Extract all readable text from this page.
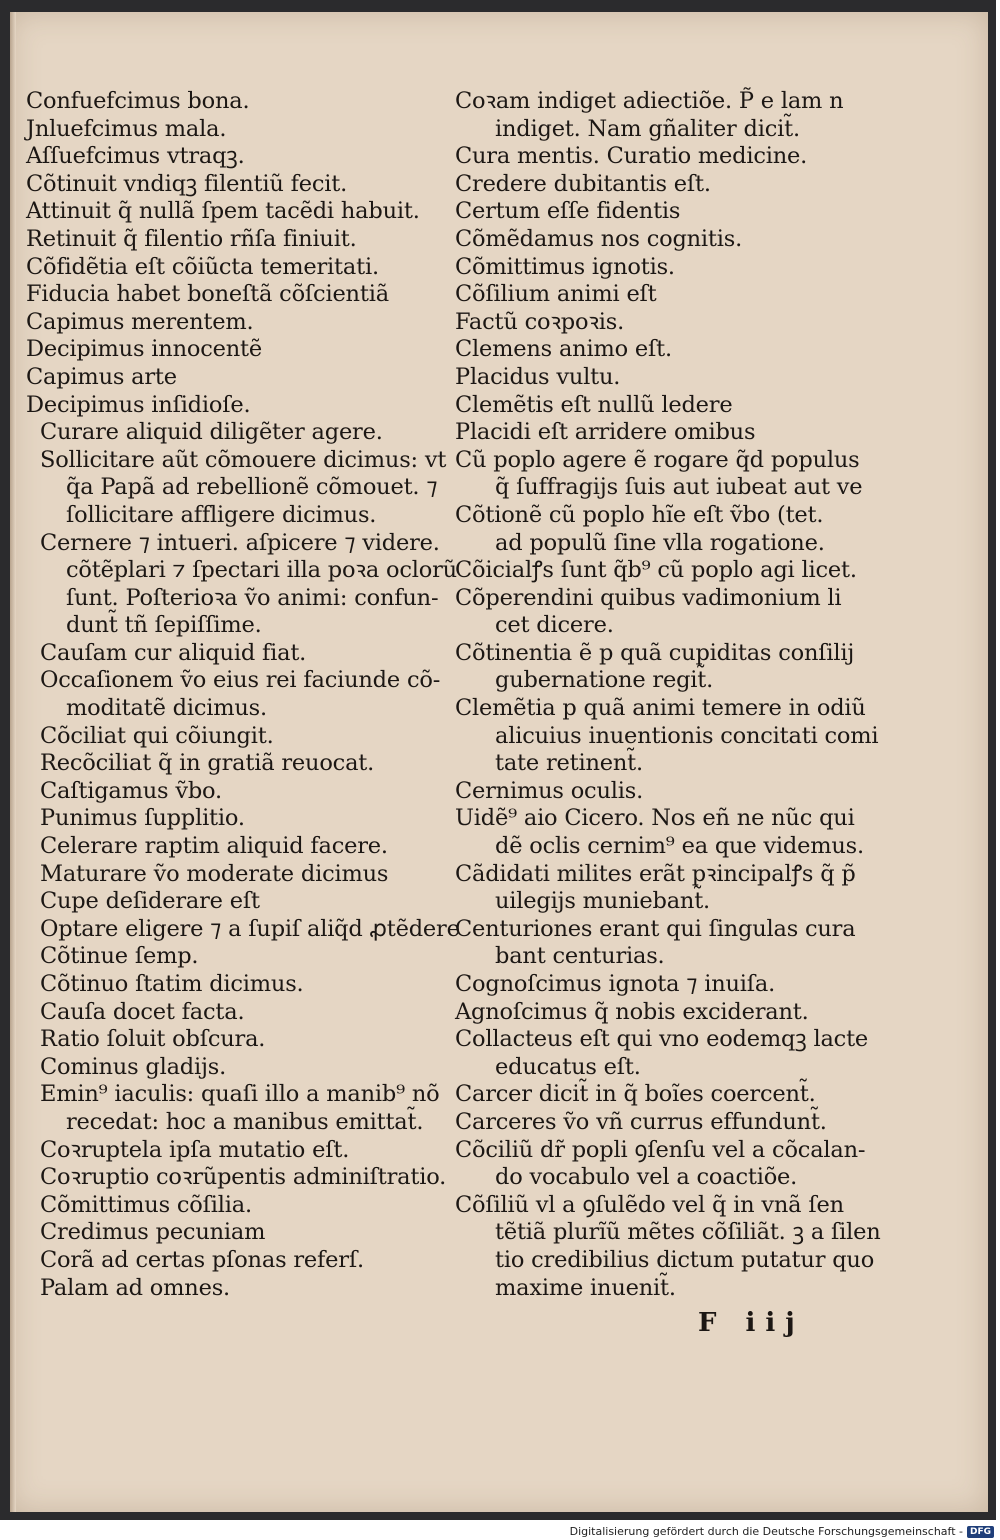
Confuefcimus bona.
Jnluefcimus mala.
Aſſuefcimus vtraqꝫ.
Cõtinuit vndiqꝫ filentiũ fecit.
Attinuit q̃ nullã ſpem tacẽdi habuit.
Retinuit q̃ filentio rñſa finiuit.
Cõfidẽtia eſt cõiũcta temeritati.
Fiducia habet boneſtã cõſcientiã
Capimus merentem.
Decipimus innocentẽ
Capimus arte
Decipimus inſidioſe.
Curare aliquid diligẽter agere.
Sollicitare aũt cõmouere dicimus: vt
q̃a Papã ad rebellionẽ cõmouet. ⁊
ſollicitare affligere dicimus.
Cernere ⁊ intueri. aſpicere ⁊ videre.
cõtẽplari ⁊ ſpectari illa poꝛa oclorũ
ſunt. Poſterioꝛa ṽo animi: confun-
dunt̃ tñ ſepiſſime.
Cauſam cur aliquid fiat.
Occaſionem ṽo eius rei faciunde cõ-
moditatẽ dicimus.
Cõciliat qui cõiungit.
Recõciliat q̃ in gratiã reuocat.
Caſtigamus ṽbo.
Punimus ſupplitio.
Celerare raptim aliquid facere.
Maturare ṽo moderate dicimus
Cupe deſiderare eſt
Optare eligere ⁊ a ſupiſ aliq̃d ꝓtẽdere
Cõtinue ſemp.
Cõtinuo ſtatim dicimus.
Cauſa docet facta.
Ratio ſoluit obſcura.
Cominus gladijs.
Emin⁹ iaculis: quaſi illo a manib⁹ nõ
recedat: hoc a manibus emittat̃.
Coꝛruptela ipſa mutatio eſt.
Coꝛruptio coꝛrũpentis adminiſtratio.
Cõmittimus cõſilia.
Credimus pecuniam
Corã ad certas pſonas referſ.
Palam ad omnes.
Coꝛam indiget adiectiõe. P̃ e lam n
indiget. Nam gñaliter dicit̃.
Cura mentis. Curatio medicine.
Credere dubitantis eſt.
Certum eſſe fidentis
Cõmẽdamus nos cognitis.
Cõmittimus ignotis.
Cõſilium animi eſt
Factũ coꝛpoꝛis.
Clemens animo eſt.
Placidus vultu.
Clemẽtis eſt nullũ ledere
Placidi eſt arridere omibus
Cũ poplo agere ẽ rogare q̃d populus
q̃ ſuffragijs ſuis aut iubeat aut ve
Cõtionẽ cũ poplo hĩe eſt ṽbo (tet.
ad populũ ſine vlla rogatione.
Cõicialꝭs ſunt q̃b⁹ cũ poplo agi licet.
Cõperendini quibus vadimonium li
cet dicere.
Cõtinentia ẽ p quã cupiditas conſilij
gubernatione regit̃.
Clemẽtia p quã animi temere in odiũ
alicuius inuentionis concitati comi
tate retinent̃.
Cernimus oculis.
Uidẽ⁹ aio Cicero. Nos eñ ne nũc qui
dẽ oclis cernim⁹ ea que videmus.
Cãdidati milites erãt pꝛincipalꝭs q̃ p̃
uilegijs muniebant̃.
Centuriones erant qui ſingulas cura
bant centurias.
Cognoſcimus ignota ⁊ inuiſa.
Agnoſcimus q̃ nobis exciderant.
Collacteus eſt qui vno eodemqꝫ lacte
educatus eſt.
Carcer dicit̃ in q̃ boĩes coercent̃.
Carceres ṽo vñ currus effundunt̃.
Cõciliũ dr̃ popli ꝯſenſu vel a cõcalan-
do vocabulo vel a coactiõe.
Cõſiliũ vl a ꝯſulẽdo vel q̃ in vnã ſen
tẽtiã plurĩũ mẽtes cõſiliãt. ꝫ a ſilen
tio credibilius dictum putatur quo
maxime inuenit̃.
F iij
Digitalisierung gefördert durch die Deutsche Forschungsgemeinschaft - DFG
